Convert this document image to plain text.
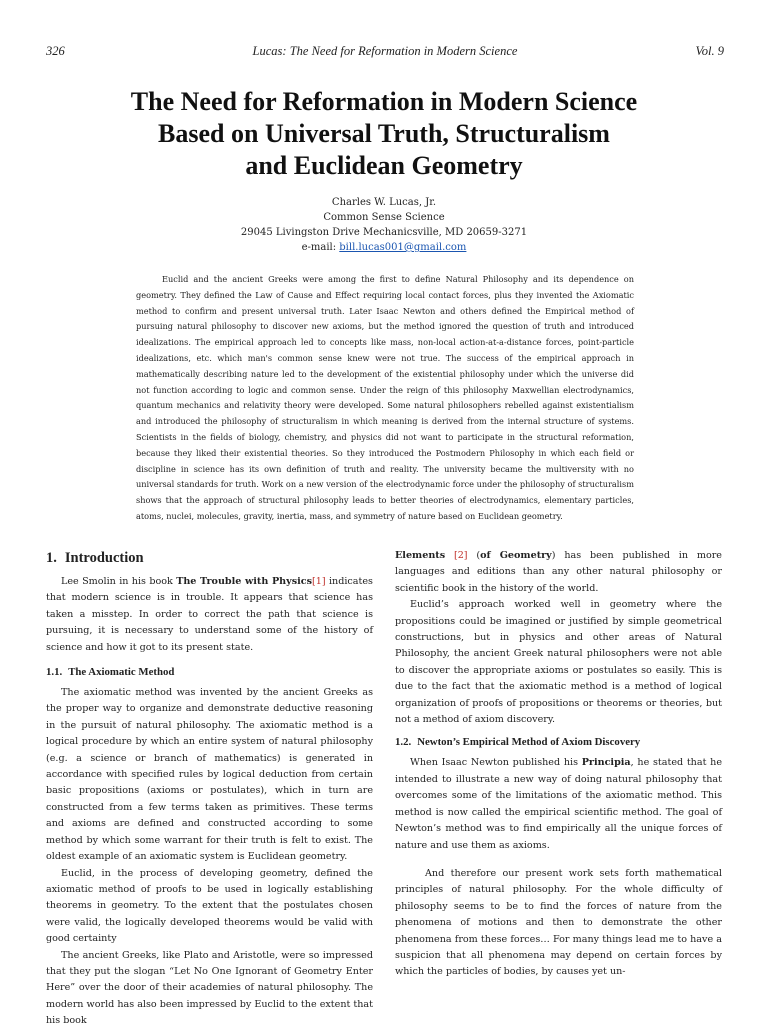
326	Lucas: The Need for Reformation in Modern Science	Vol. 9
The Need for Reformation in Modern Science
Based on Universal Truth, Structuralism
and Euclidean Geometry
Charles W. Lucas, Jr.
Common Sense Science
29045 Livingston Drive Mechanicsville, MD 20659-3271
e-mail: bill.lucas001@gmail.com
Euclid and the ancient Greeks were among the first to define Natural Philosophy and its dependence on geometry. They defined the Law of Cause and Effect requiring local contact forces, plus they invented the Axiomatic method to confirm and present universal truth. Later Isaac Newton and others defined the Empirical method of pursuing natural philosophy to discover new axioms, but the method ignored the question of truth and introduced idealizations. The empirical approach led to concepts like mass, non-local action-at-a-distance forces, point-particle idealizations, etc. which man's common sense knew were not true. The success of the empirical approach in mathematically describing nature led to the development of the existential philosophy under which the universe did not function according to logic and common sense. Under the reign of this philosophy Maxwellian electrodynamics, quantum mechanics and relativity theory were developed. Some natural philosophers rebelled against existentialism and introduced the philosophy of structuralism in which meaning is derived from the internal structure of systems. Scientists in the fields of biology, chemistry, and physics did not want to participate in the structural reformation, because they liked their existential theories. So they introduced the Postmodern Philosophy in which each field or discipline in science has its own definition of truth and reality. The university became the multiversity with no universal standards for truth. Work on a new version of the electrodynamic force under the philosophy of structuralism shows that the approach of structural philosophy leads to better theories of electrodynamics, elementary particles, atoms, nuclei, molecules, gravity, inertia, mass, and symmetry of nature based on Euclidean geometry.
1. Introduction

Lee Smolin in his book The Trouble with Physics[1] indicates that modern science is in trouble. It appears that science has taken a misstep. In order to correct the path that science is pursuing, it is necessary to understand some of the history of science and how it got to its present state.

1.1. The Axiomatic Method

The axiomatic method was invented by the ancient Greeks as the proper way to organize and demonstrate deductive reasoning in the pursuit of natural philosophy. The axiomatic method is a logical procedure by which an entire system of natural philosophy (e.g. a science or branch of mathematics) is generated in accordance with specified rules by logical deduction from certain basic propositions (axioms or postulates), which in turn are constructed from a few terms taken as primitives. These terms and axioms are defined and constructed according to some method by which some warrant for their truth is felt to exist. The oldest example of an axiomatic system is Euclidean geometry.

Euclid, in the process of developing geometry, defined the axiomatic method of proofs to be used in logically establishing theorems in geometry. To the extent that the postulates chosen were valid, the logically developed theorems would be valid with good certainty

The ancient Greeks, like Plato and Aristotle, were so impressed that they put the slogan “Let No One Ignorant of Geometry Enter Here” over the door of their academies of natural philosophy. The modern world has also been impressed by Euclid to the extent that his book

Elements [2] (of Geometry) has been published in more languages and editions than any other natural philosophy or scientific book in the history of the world.

Euclid’s approach worked well in geometry where the propositions could be imagined or justified by simple geometrical constructions, but in physics and other areas of Natural Philosophy, the ancient Greek natural philosophers were not able to discover the appropriate axioms or postulates so easily. This is due to the fact that the axiomatic method is a method of logical organization of proofs of propositions or theorems or theories, but not a method of axiom discovery.

1.2. Newton’s Empirical Method of Axiom Discovery

When Isaac Newton published his Principia, he stated that he intended to illustrate a new way of doing natural philosophy that overcomes some of the limitations of the axiomatic method. This method is now called the empirical scientific method. The goal of Newton’s method was to find empirically all the unique forces of nature and use them as axioms.

And therefore our present work sets forth mathematical principles of natural philosophy. For the whole difficulty of philosophy seems to be to find the forces of nature from the phenomena of motions and then to demonstrate the other phenomena from these forces… For many things lead me to have a suspicion that all phenomena may depend on certain forces by which the particles of bodies, by causes yet un-
